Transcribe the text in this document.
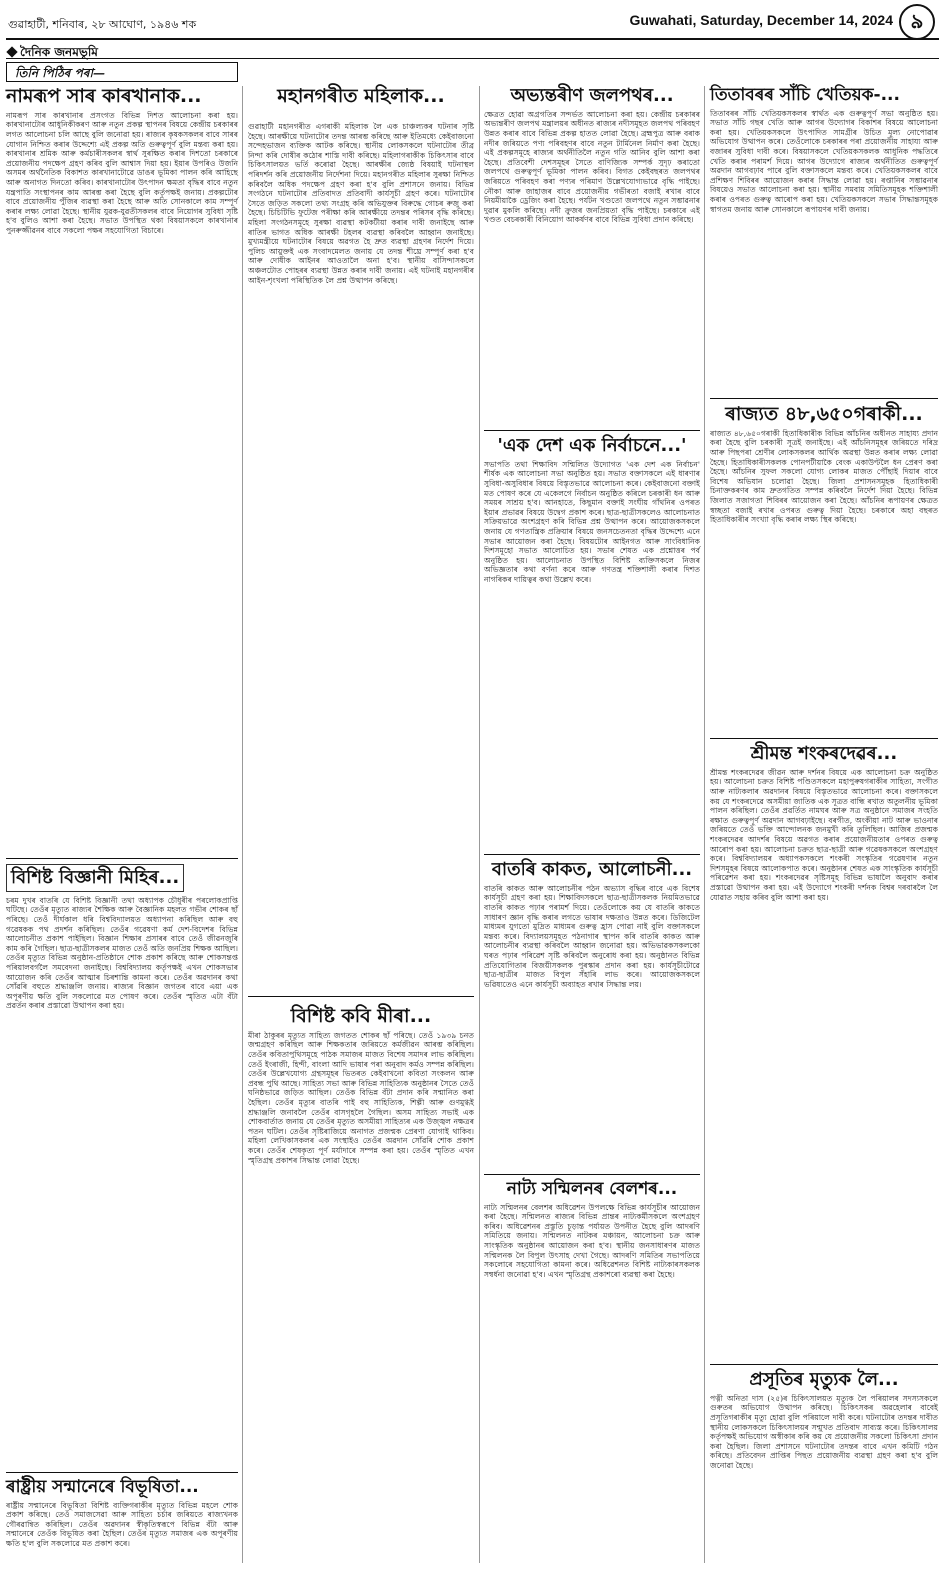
গুৱাহাটী, শনিবাৰ, ২৮ আঘোণ, ১৯৪৬ শক	Guwahati, Saturday, December 14, 2024 ৯
দৈনিক জনমভূমি
তিনি পিঠিৰ পৰা—
নামৰূপ সাৰ কাৰখানাক...

নামৰূপ সাৰ কাৰখানাৰ প্ৰসংগত বিভিন্ন দিশত আলোচনা কৰা হয়। কাৰখানাটোৰ আধুনিকীকৰণ আৰু নতুন প্ৰকল্প স্থাপনৰ বিষয়ে কেন্দ্ৰীয় চৰকাৰৰ লগত আলোচনা চলি আছে বুলি জনোৱা হয়। ৰাজ্যৰ কৃষকসকলৰ বাবে সাৰৰ যোগান নিশ্চিত কৰাৰ উদ্দেশ্যে এই প্ৰকল্প অতি গুৰুত্বপূৰ্ণ বুলি মন্তব্য কৰা হয়। কাৰখানাৰ শ্ৰমিক আৰু কৰ্মচাৰীসকলৰ স্বাৰ্থ সুৰক্ষিত কৰাৰ দিশতো চৰকাৰে প্ৰয়োজনীয় পদক্ষেপ গ্ৰহণ কৰিব বুলি আশ্বাস দিয়া হয়। ইয়াৰ উপৰিও উজনি অসমৰ অৰ্থনৈতিক বিকাশত কাৰখানাটোৱে ডাঙৰ ভূমিকা পালন কৰি আহিছে আৰু অনাগত দিনতো কৰিব। কাৰখানাটোৰ উৎপাদন ক্ষমতা বৃদ্ধিৰ বাবে নতুন যন্ত্ৰপাতি সংস্থাপনৰ কাম আৰম্ভ কৰা হৈছে বুলি কৰ্তৃপক্ষই জনায়। প্ৰকল্পটোৰ বাবে প্ৰয়োজনীয় পুঁজিৰ ব্যৱস্থা কৰা হৈছে আৰু অতি সোনকালে কাম সম্পূৰ্ণ কৰাৰ লক্ষ্য লোৱা হৈছে। স্থানীয় যুৱক-যুৱতীসকলৰ বাবে নিয়োগৰ সুবিধা সৃষ্টি হ'ব বুলিও আশা কৰা হৈছে। সভাত উপস্থিত থকা বিষয়াসকলে কাৰখানাৰ পুনৰুজ্জীৱনৰ বাবে সকলো পক্ষৰ সহযোগিতা বিচাৰে।

বিশিষ্ট বিজ্ঞানী মিহিৰ...

চৰম দুখৰ বাতৰি যে বিশিষ্ট বিজ্ঞানী তথা অধ্যাপক চৌধুৰীৰ পৰলোকপ্ৰাপ্তি ঘটিছে। তেওঁৰ মৃত্যুত ৰাজ্যৰ শৈক্ষিক আৰু বৈজ্ঞানিক মহলত গভীৰ শোকৰ ছাঁ পৰিছে। তেওঁ দীৰ্ঘকাল ধৰি বিশ্ববিদ্যালয়ত অধ্যাপনা কৰিছিল আৰু বহু গৱেষকক পথ প্ৰদৰ্শন কৰিছিল। তেওঁৰ গৱেষণা কৰ্ম দেশ-বিদেশৰ বিভিন্ন আলোচনীত প্ৰকাশ পাইছিল। বিজ্ঞান শিক্ষাৰ প্ৰসাৰৰ বাবে তেওঁ জীৱনজুৰি কাম কৰি গৈছিল। ছাত্ৰ-ছাত্ৰীসকলৰ মাজত তেওঁ অতি জনপ্ৰিয় শিক্ষক আছিল। তেওঁৰ মৃত্যুত বিভিন্ন অনুষ্ঠান-প্ৰতিষ্ঠানে শোক প্ৰকাশ কৰিছে আৰু শোকসন্তপ্ত পৰিয়ালবৰ্গলৈ সমবেদনা জনাইছে। বিশ্ববিদ্যালয় কৰ্তৃপক্ষই এখন শোকসভাৰ আয়োজন কৰি তেওঁৰ আত্মাৰ চিৰশান্তি কামনা কৰে। তেওঁৰ অৱদানৰ কথা সোঁৱৰি বহুতে শ্ৰদ্ধাঞ্জলি জনায়। ৰাজ্যৰ বিজ্ঞান জগতৰ বাবে এয়া এক অপূৰণীয় ক্ষতি বুলি সকলোৱে মত পোষণ কৰে। তেওঁৰ স্মৃতিত এটা বঁটা প্ৰৱৰ্তন কৰাৰ প্ৰস্তাৱো উত্থাপন কৰা হয়।

ৰাষ্ট্ৰীয় সন্মানেৰে বিভূষিতা...

ৰাষ্ট্ৰীয় সন্মানেৰে বিভূষিতা বিশিষ্ট ব্যক্তিগৰাকীৰ মৃত্যুত বিভিন্ন মহলে শোক প্ৰকাশ কৰিছে। তেওঁ সমাজসেৱা আৰু সাহিত্য চৰ্চাৰ জৰিয়তে ৰাজ্যখনক গৌৰৱান্বিত কৰিছিল। তেওঁৰ অৱদানৰ স্বীকৃতিস্বৰূপে বিভিন্ন বঁটা আৰু সন্মানেৰে তেওঁক বিভূষিত কৰা হৈছিল। তেওঁৰ মৃত্যুত সমাজৰ এক অপূৰণীয় ক্ষতি হ'ল বুলি সকলোৱে মত প্ৰকাশ কৰে।

মহানগৰীত মহিলাক...

গুৱাহাটী মহানগৰীত এগৰাকী মহিলাক লৈ এক চাঞ্চল্যকৰ ঘটনাৰ সৃষ্টি হৈছে। আৰক্ষীয়ে ঘটনাটোৰ তদন্ত আৰম্ভ কৰিছে আৰু ইতিমধ্যে কেইবাজনো সন্দেহভাজন ব্যক্তিক আটক কৰিছে। স্থানীয় লোকসকলে ঘটনাটোৰ তীব্ৰ নিন্দা কৰি দোষীৰ কঠোৰ শাস্তি দাবী কৰিছে। মহিলাগৰাকীক চিকিৎসাৰ বাবে চিকিৎসালয়ত ভৰ্তি কৰোৱা হৈছে। আৰক্ষীৰ জ্যেষ্ঠ বিষয়াই ঘটনাস্থল পৰিদৰ্শন কৰি প্ৰয়োজনীয় নিৰ্দেশনা দিয়ে। মহানগৰীত মহিলাৰ সুৰক্ষা নিশ্চিত কৰিবলৈ অধিক পদক্ষেপ গ্ৰহণ কৰা হ'ব বুলি প্ৰশাসনে জনায়। বিভিন্ন সংগঠনে ঘটনাটোৰ প্ৰতিবাদত প্ৰতিবাদী কাৰ্যসূচী গ্ৰহণ কৰে। ঘটনাটোৰ সৈতে জড়িত সকলো তথ্য সংগ্ৰহ কৰি অভিযুক্তৰ বিৰুদ্ধে গোচৰ ৰুজু কৰা হৈছে। চিচিটিভি ফুটেজ পৰীক্ষা কৰি আৰক্ষীয়ে তদন্তৰ পৰিসৰ বৃদ্ধি কৰিছে। মহিলা সংগঠনসমূহে সুৰক্ষা ব্যৱস্থা কটকটীয়া কৰাৰ দাবী জনাইছে আৰু ৰাতিৰ ভাগত অধিক আৰক্ষী টহলৰ ব্যৱস্থা কৰিবলৈ আহ্বান জনাইছে। মুখ্যমন্ত্ৰীয়ে ঘটনাটোৰ বিষয়ে অৱগত হৈ দ্ৰুত ব্যৱস্থা গ্ৰহণৰ নিৰ্দেশ দিয়ে। পুলিচ আয়ুক্তই এক সংবাদমেলত জনায় যে তদন্ত শীঘ্ৰে সম্পূৰ্ণ কৰা হ'ব আৰু দোষীক আইনৰ আওতালৈ অনা হ'ব। স্থানীয় বাসিন্দাসকলে অঞ্চলটোত পোহৰৰ ব্যৱস্থা উন্নত কৰাৰ দাবী জনায়। এই ঘটনাই মহানগৰীৰ আইন-শৃংখলা পৰিস্থিতিক লৈ প্ৰশ্ন উত্থাপন কৰিছে।

বিশিষ্ট কবি মীৰা...

মীৰা ঠাকুৰৰ মৃত্যুত সাহিত্য জগতত শোকৰ ছাঁ পৰিছে। তেওঁ ১৯৩৯ চনত জন্মগ্ৰহণ কৰিছিল আৰু শিক্ষকতাৰ জৰিয়তে কৰ্মজীৱন আৰম্ভ কৰিছিল। তেওঁৰ কবিতাপুথিসমূহে পাঠক সমাজৰ মাজত বিশেষ সমাদৰ লাভ কৰিছিল। তেওঁ ইংৰাজী, হিন্দী, বাংলা আদি ভাষাৰ পৰা অনুবাদ কৰ্মও সম্পন্ন কৰিছিল। তেওঁৰ উল্লেখযোগ্য গ্ৰন্থসমূহৰ ভিতৰত কেইবাখনো কবিতা সংকলন আৰু প্ৰবন্ধ পুথি আছে। সাহিত্য সভা আৰু বিভিন্ন সাহিত্যিক অনুষ্ঠানৰ সৈতে তেওঁ ঘনিষ্ঠভাৱে জড়িত আছিল। তেওঁক বিভিন্ন বঁটা প্ৰদান কৰি সন্মানিত কৰা হৈছিল। তেওঁৰ মৃত্যুৰ বাতৰি পাই বহু সাহিত্যিক, শিল্পী আৰু গুণমুগ্ধই শ্ৰদ্ধাঞ্জলি জনাবলৈ তেওঁৰ বাসগৃহলৈ গৈছিল। অসম সাহিত্য সভাই এক শোকবাৰ্তাত জনায় যে তেওঁৰ মৃত্যুত অসমীয়া সাহিত্যৰ এক উজ্জ্বল নক্ষত্ৰৰ পতন ঘটিল। তেওঁৰ সৃষ্টিৰাজিয়ে অনাগত প্ৰজন্মক প্ৰেৰণা যোগাই থাকিব। মহিলা লেখিকাসকলৰ এক সংস্থাইও তেওঁৰ অৱদান সোঁৱৰি শোক প্ৰকাশ কৰে। তেওঁৰ শেষকৃত্য পূৰ্ণ মৰ্যাদাৰে সম্পন্ন কৰা হয়। তেওঁৰ স্মৃতিত এখন স্মৃতিগ্ৰন্থ প্ৰকাশৰ সিদ্ধান্ত লোৱা হৈছে।

অভ্যন্তৰীণ জলপথৰ...

ক্ষেত্ৰত হোৱা অগ্ৰগতিৰ সন্দৰ্ভত আলোচনা কৰা হয়। কেন্দ্ৰীয় চৰকাৰৰ অভ্যন্তৰীণ জলপথ মন্ত্ৰালয়ৰ অধীনত ৰাজ্যৰ নদীসমূহত জলপথ পৰিবহণ উন্নত কৰাৰ বাবে বিভিন্ন প্ৰকল্প হাতত লোৱা হৈছে। ব্ৰহ্মপুত্ৰ আৰু বৰাক নদীৰ জৰিয়তে পণ্য পৰিবহণৰ বাবে নতুন টাৰ্মিনেল নিৰ্মাণ কৰা হৈছে। এই প্ৰকল্পসমূহে ৰাজ্যৰ অৰ্থনীতিলৈ নতুন গতি আনিব বুলি আশা কৰা হৈছে। প্ৰতিবেশী দেশসমূহৰ সৈতে বাণিজ্যিক সম্পৰ্ক সুদৃঢ় কৰাতো জলপথে গুৰুত্বপূৰ্ণ ভূমিকা পালন কৰিব। বিগত কেইবছৰত জলপথৰ জৰিয়তে পৰিবহণ কৰা পণ্যৰ পৰিমাণ উল্লেখযোগ্যভাৱে বৃদ্ধি পাইছে। নৌকা আৰু জাহাজৰ বাবে প্ৰয়োজনীয় গভীৰতা বজাই ৰখাৰ বাবে নিয়মীয়াকৈ ড্ৰেজিং কৰা হৈছে। পৰ্যটন খণ্ডতো জলপথে নতুন সম্ভাৱনাৰ দুৱাৰ মুকলি কৰিছে। নদী ক্ৰুজৰ জনপ্ৰিয়তা বৃদ্ধি পাইছে। চৰকাৰে এই খণ্ডত বেচৰকাৰী বিনিয়োগ আকৰ্ষণৰ বাবে বিভিন্ন সুবিধা প্ৰদান কৰিছে।

'এক দেশ এক নিৰ্বাচনে...'

সভাপতি তথা শিক্ষাবিদ সন্মিলিত উদ্যোগত 'এক দেশ এক নিৰ্বাচন' শীৰ্ষক এক আলোচনা সভা অনুষ্ঠিত হয়। সভাত বক্তাসকলে এই ধাৰণাৰ সুবিধা-অসুবিধাৰ বিষয়ে বিস্তৃতভাৱে আলোচনা কৰে। কেইবাজনো বক্তাই মত পোষণ কৰে যে একেলগে নিৰ্বাচন অনুষ্ঠিত কৰিলে চৰকাৰী ধন আৰু সময়ৰ সাশ্ৰয় হ'ব। আনহাতে, কিছুমান বক্তাই সংঘীয় গাঁথনিৰ ওপৰত ইয়াৰ প্ৰভাৱৰ বিষয়ে উদ্বেগ প্ৰকাশ কৰে। ছাত্ৰ-ছাত্ৰীসকলেও আলোচনাত সক্ৰিয়ভাৱে অংশগ্ৰহণ কৰি বিভিন্ন প্ৰশ্ন উত্থাপন কৰে। আয়োজকসকলে জনায় যে গণতান্ত্ৰিক প্ৰক্ৰিয়াৰ বিষয়ে জনসচেতনতা বৃদ্ধিৰ উদ্দেশ্যে এনে সভাৰ আয়োজন কৰা হৈছে। বিষয়টোৰ আইনগত আৰু সাংবিধানিক দিশসমূহো সভাত আলোচিত হয়। সভাৰ শেষত এক প্ৰশ্নোত্তৰ পৰ্ব অনুষ্ঠিত হয়। আলোচনাত উপস্থিত বিশিষ্ট ব্যক্তিসকলে নিজৰ অভিজ্ঞতাৰ কথা বৰ্ণনা কৰে আৰু গণতন্ত্ৰ শক্তিশালী কৰাৰ দিশত নাগৰিকৰ দায়িত্বৰ কথা উল্লেখ কৰে।

বাতৰি কাকত, আলোচনী...

বাতৰি কাকত আৰু আলোচনীৰ পঠন অভ্যাস বৃদ্ধিৰ বাবে এক বিশেষ কাৰ্যসূচী গ্ৰহণ কৰা হয়। শিক্ষাবিদসকলে ছাত্ৰ-ছাত্ৰীসকলক নিয়মিতভাৱে বাতৰি কাকত পঢ়াৰ পৰামৰ্শ দিয়ে। তেওঁলোকে কয় যে বাতৰি কাকতে সাধাৰণ জ্ঞান বৃদ্ধি কৰাৰ লগতে ভাষাৰ দক্ষতাও উন্নত কৰে। ডিজিটেল মাধ্যমৰ যুগতো মুদ্ৰিত মাধ্যমৰ গুৰুত্ব হ্ৰাস পোৱা নাই বুলি বক্তাসকলে মন্তব্য কৰে। বিদ্যালয়সমূহত পঠনাগাৰ স্থাপন কৰি বাতৰি কাকত আৰু আলোচনীৰ ব্যৱস্থা কৰিবলৈ আহ্বান জনোৱা হয়। অভিভাৱকসকলকো ঘৰত পঢ়াৰ পৰিৱেশ সৃষ্টি কৰিবলৈ অনুৰোধ কৰা হয়। অনুষ্ঠানত বিভিন্ন প্ৰতিযোগিতাৰ বিজয়ীসকলক পুৰস্কাৰ প্ৰদান কৰা হয়। কাৰ্যসূচীটোৱে ছাত্ৰ-ছাত্ৰীৰ মাজত বিপুল সঁহাৰি লাভ কৰে। আয়োজকসকলে ভৱিষ্যতেও এনে কাৰ্যসূচী অব্যাহত ৰখাৰ সিদ্ধান্ত লয়।

নাট্য সন্মিলনৰ বেলশৰ...

নাট্য সন্মিলনৰ বেলশৰ অধিৱেশন উপলক্ষে বিভিন্ন কাৰ্যসূচীৰ আয়োজন কৰা হৈছে। সন্মিলনত ৰাজ্যৰ বিভিন্ন প্ৰান্তৰ নাট্যকৰ্মীসকলে অংশগ্ৰহণ কৰিব। অধিৱেশনৰ প্ৰস্তুতি চূড়ান্ত পৰ্যায়ত উপনীত হৈছে বুলি আদৰণি সমিতিয়ে জনায়। সন্মিলনত নাটকৰ মঞ্চায়ন, আলোচনা চক্ৰ আৰু সাংস্কৃতিক অনুষ্ঠানৰ আয়োজন কৰা হ'ব। স্থানীয় জনসাধাৰণৰ মাজত সন্মিলনক লৈ বিপুল উৎসাহ দেখা গৈছে। আদৰণি সমিতিৰ সভাপতিয়ে সকলোৰে সহযোগিতা কামনা কৰে। অধিৱেশনত বিশিষ্ট নাট্যকাৰসকলক সম্বৰ্ধনা জনোৱা হ'ব। এখন স্মৃতিগ্ৰন্থ প্ৰকাশৰো ব্যৱস্থা কৰা হৈছে।

তিতাবৰৰ সাঁচি খেতিয়ক-...

তিতাবৰৰ সাঁচি খেতিয়কসকলৰ স্বাৰ্থত এক গুৰুত্বপূৰ্ণ সভা অনুষ্ঠিত হয়। সভাত সাঁচি গছৰ খেতি আৰু আগৰ উদ্যোগৰ বিকাশৰ বিষয়ে আলোচনা কৰা হয়। খেতিয়কসকলে উৎপাদিত সামগ্ৰীৰ উচিত মূল্য নোপোৱাৰ অভিযোগ উত্থাপন কৰে। তেওঁলোকে চৰকাৰৰ পৰা প্ৰয়োজনীয় সাহায্য আৰু বজাৰৰ সুবিধা দাবী কৰে। বিষয়াসকলে খেতিয়কসকলক আধুনিক পদ্ধতিৰে খেতি কৰাৰ পৰামৰ্শ দিয়ে। আগৰ উদ্যোগে ৰাজ্যৰ অৰ্থনীতিত গুৰুত্বপূৰ্ণ অৱদান আগবঢ়াব পাৰে বুলি বক্তাসকলে মন্তব্য কৰে। খেতিয়কসকলৰ বাবে প্ৰশিক্ষণ শিবিৰৰ আয়োজন কৰাৰ সিদ্ধান্ত লোৱা হয়। ৰপ্তানিৰ সম্ভাৱনাৰ বিষয়েও সভাত আলোচনা কৰা হয়। স্থানীয় সমবায় সমিতিসমূহক শক্তিশালী কৰাৰ ওপৰত গুৰুত্ব আৰোপ কৰা হয়। খেতিয়কসকলে সভাৰ সিদ্ধান্তসমূহক স্বাগতম জনায় আৰু সোনকালে ৰূপায়ণৰ দাবী জনায়।

ৰাজ্যত ৪৮,৬৫০গৰাকী...

ৰাজ্যত ৪৮,৬৫০গৰাকী হিতাধিকাৰীক বিভিন্ন আঁচনিৰ অধীনত সাহায্য প্ৰদান কৰা হৈছে বুলি চৰকাৰী সূত্ৰই জনাইছে। এই আঁচনিসমূহৰ জৰিয়তে দৰিদ্ৰ আৰু পিছপৰা শ্ৰেণীৰ লোকসকলৰ আৰ্থিক অৱস্থা উন্নত কৰাৰ লক্ষ্য লোৱা হৈছে। হিতাধিকাৰীসকলক পোনপটীয়াকৈ বেংক একাউণ্টলৈ ধন প্ৰেৰণ কৰা হৈছে। আঁচনিৰ সুফল সকলো যোগ্য লোকৰ মাজত পৌঁছাই দিয়াৰ বাবে বিশেষ অভিযান চলোৱা হৈছে। জিলা প্ৰশাসনসমূহক হিতাধিকাৰী চিনাক্তকৰণৰ কাম দ্ৰুতগতিত সম্পন্ন কৰিবলৈ নিৰ্দেশ দিয়া হৈছে। বিভিন্ন জিলাত সজাগতা শিবিৰৰ আয়োজন কৰা হৈছে। আঁচনিৰ ৰূপায়ণৰ ক্ষেত্ৰত স্বচ্ছতা বজাই ৰখাৰ ওপৰত গুৰুত্ব দিয়া হৈছে। চৰকাৰে অহা বছৰত হিতাধিকাৰীৰ সংখ্যা বৃদ্ধি কৰাৰ লক্ষ্য স্থিৰ কৰিছে।

শ্ৰীমন্ত শংকৰদেৱৰ...

শ্ৰীমন্ত শংকৰদেৱৰ জীৱন আৰু দৰ্শনৰ বিষয়ে এক আলোচনা চক্ৰ অনুষ্ঠিত হয়। আলোচনা চক্ৰত বিশিষ্ট পণ্ডিতসকলে মহাপুৰুষগৰাকীৰ সাহিত্য, সংগীত আৰু নাট্যকলাৰ অৱদানৰ বিষয়ে বিস্তৃতভাৱে আলোচনা কৰে। বক্তাসকলে কয় যে শংকৰদেৱে অসমীয়া জাতিক এক সূত্ৰত বান্ধি ৰখাত অতুলনীয় ভূমিকা পালন কৰিছিল। তেওঁৰ প্ৰৱৰ্তিত নামঘৰ আৰু সত্ৰ অনুষ্ঠানে সমাজৰ সংহতি ৰক্ষাত গুৰুত্বপূৰ্ণ অৱদান আগবঢ়াইছে। বৰগীত, অংকীয়া নাট আৰু ভাওনাৰ জৰিয়তে তেওঁ ভক্তি আন্দোলনক জনমুখী কৰি তুলিছিল। আজিৰ প্ৰজন্মক শংকৰদেৱৰ আদৰ্শৰ বিষয়ে অৱগত কৰাৰ প্ৰয়োজনীয়তাৰ ওপৰত গুৰুত্ব আৰোপ কৰা হয়। আলোচনা চক্ৰত ছাত্ৰ-ছাত্ৰী আৰু গৱেষকসকলে অংশগ্ৰহণ কৰে। বিশ্ববিদ্যালয়ৰ অধ্যাপকসকলে শংকৰী সংস্কৃতিৰ গৱেষণাৰ নতুন দিশসমূহৰ বিষয়ে আলোকপাত কৰে। অনুষ্ঠানৰ শেষত এক সাংস্কৃতিক কাৰ্যসূচী পৰিৱেশন কৰা হয়। শংকৰদেৱৰ সৃষ্টিসমূহ বিভিন্ন ভাষালৈ অনুবাদ কৰাৰ প্ৰস্তাৱো উত্থাপন কৰা হয়। এই উদ্যোগে শংকৰী দৰ্শনক বিশ্বৰ দৰবাৰলৈ লৈ যোৱাত সহায় কৰিব বুলি আশা কৰা হয়।

প্ৰসূতিৰ মৃত্যুক লৈ...

পত্নী অনিতা দাস (২৫)ৰ চিকিৎসালয়ত মৃত্যুক লৈ পৰিয়ালৰ সদস্যসকলে গুৰুতৰ অভিযোগ উত্থাপন কৰিছে। চিকিৎসকৰ অৱহেলাৰ বাবেই প্ৰসূতিগৰাকীৰ মৃত্যু হোৱা বুলি পৰিয়ালে দাবী কৰে। ঘটনাটোৰ তদন্তৰ দাবীত স্থানীয় লোকসকলে চিকিৎসালয়ৰ সন্মুখত প্ৰতিবাদ সাব্যস্ত কৰে। চিকিৎসালয় কৰ্তৃপক্ষই অভিযোগ অস্বীকাৰ কৰি কয় যে প্ৰয়োজনীয় সকলো চিকিৎসা প্ৰদান কৰা হৈছিল। জিলা প্ৰশাসনে ঘটনাটোৰ তদন্তৰ বাবে এখন কমিটি গঠন কৰিছে। প্ৰতিবেদন প্ৰাপ্তিৰ পিছত প্ৰয়োজনীয় ব্যৱস্থা গ্ৰহণ কৰা হ'ব বুলি জনোৱা হৈছে।
